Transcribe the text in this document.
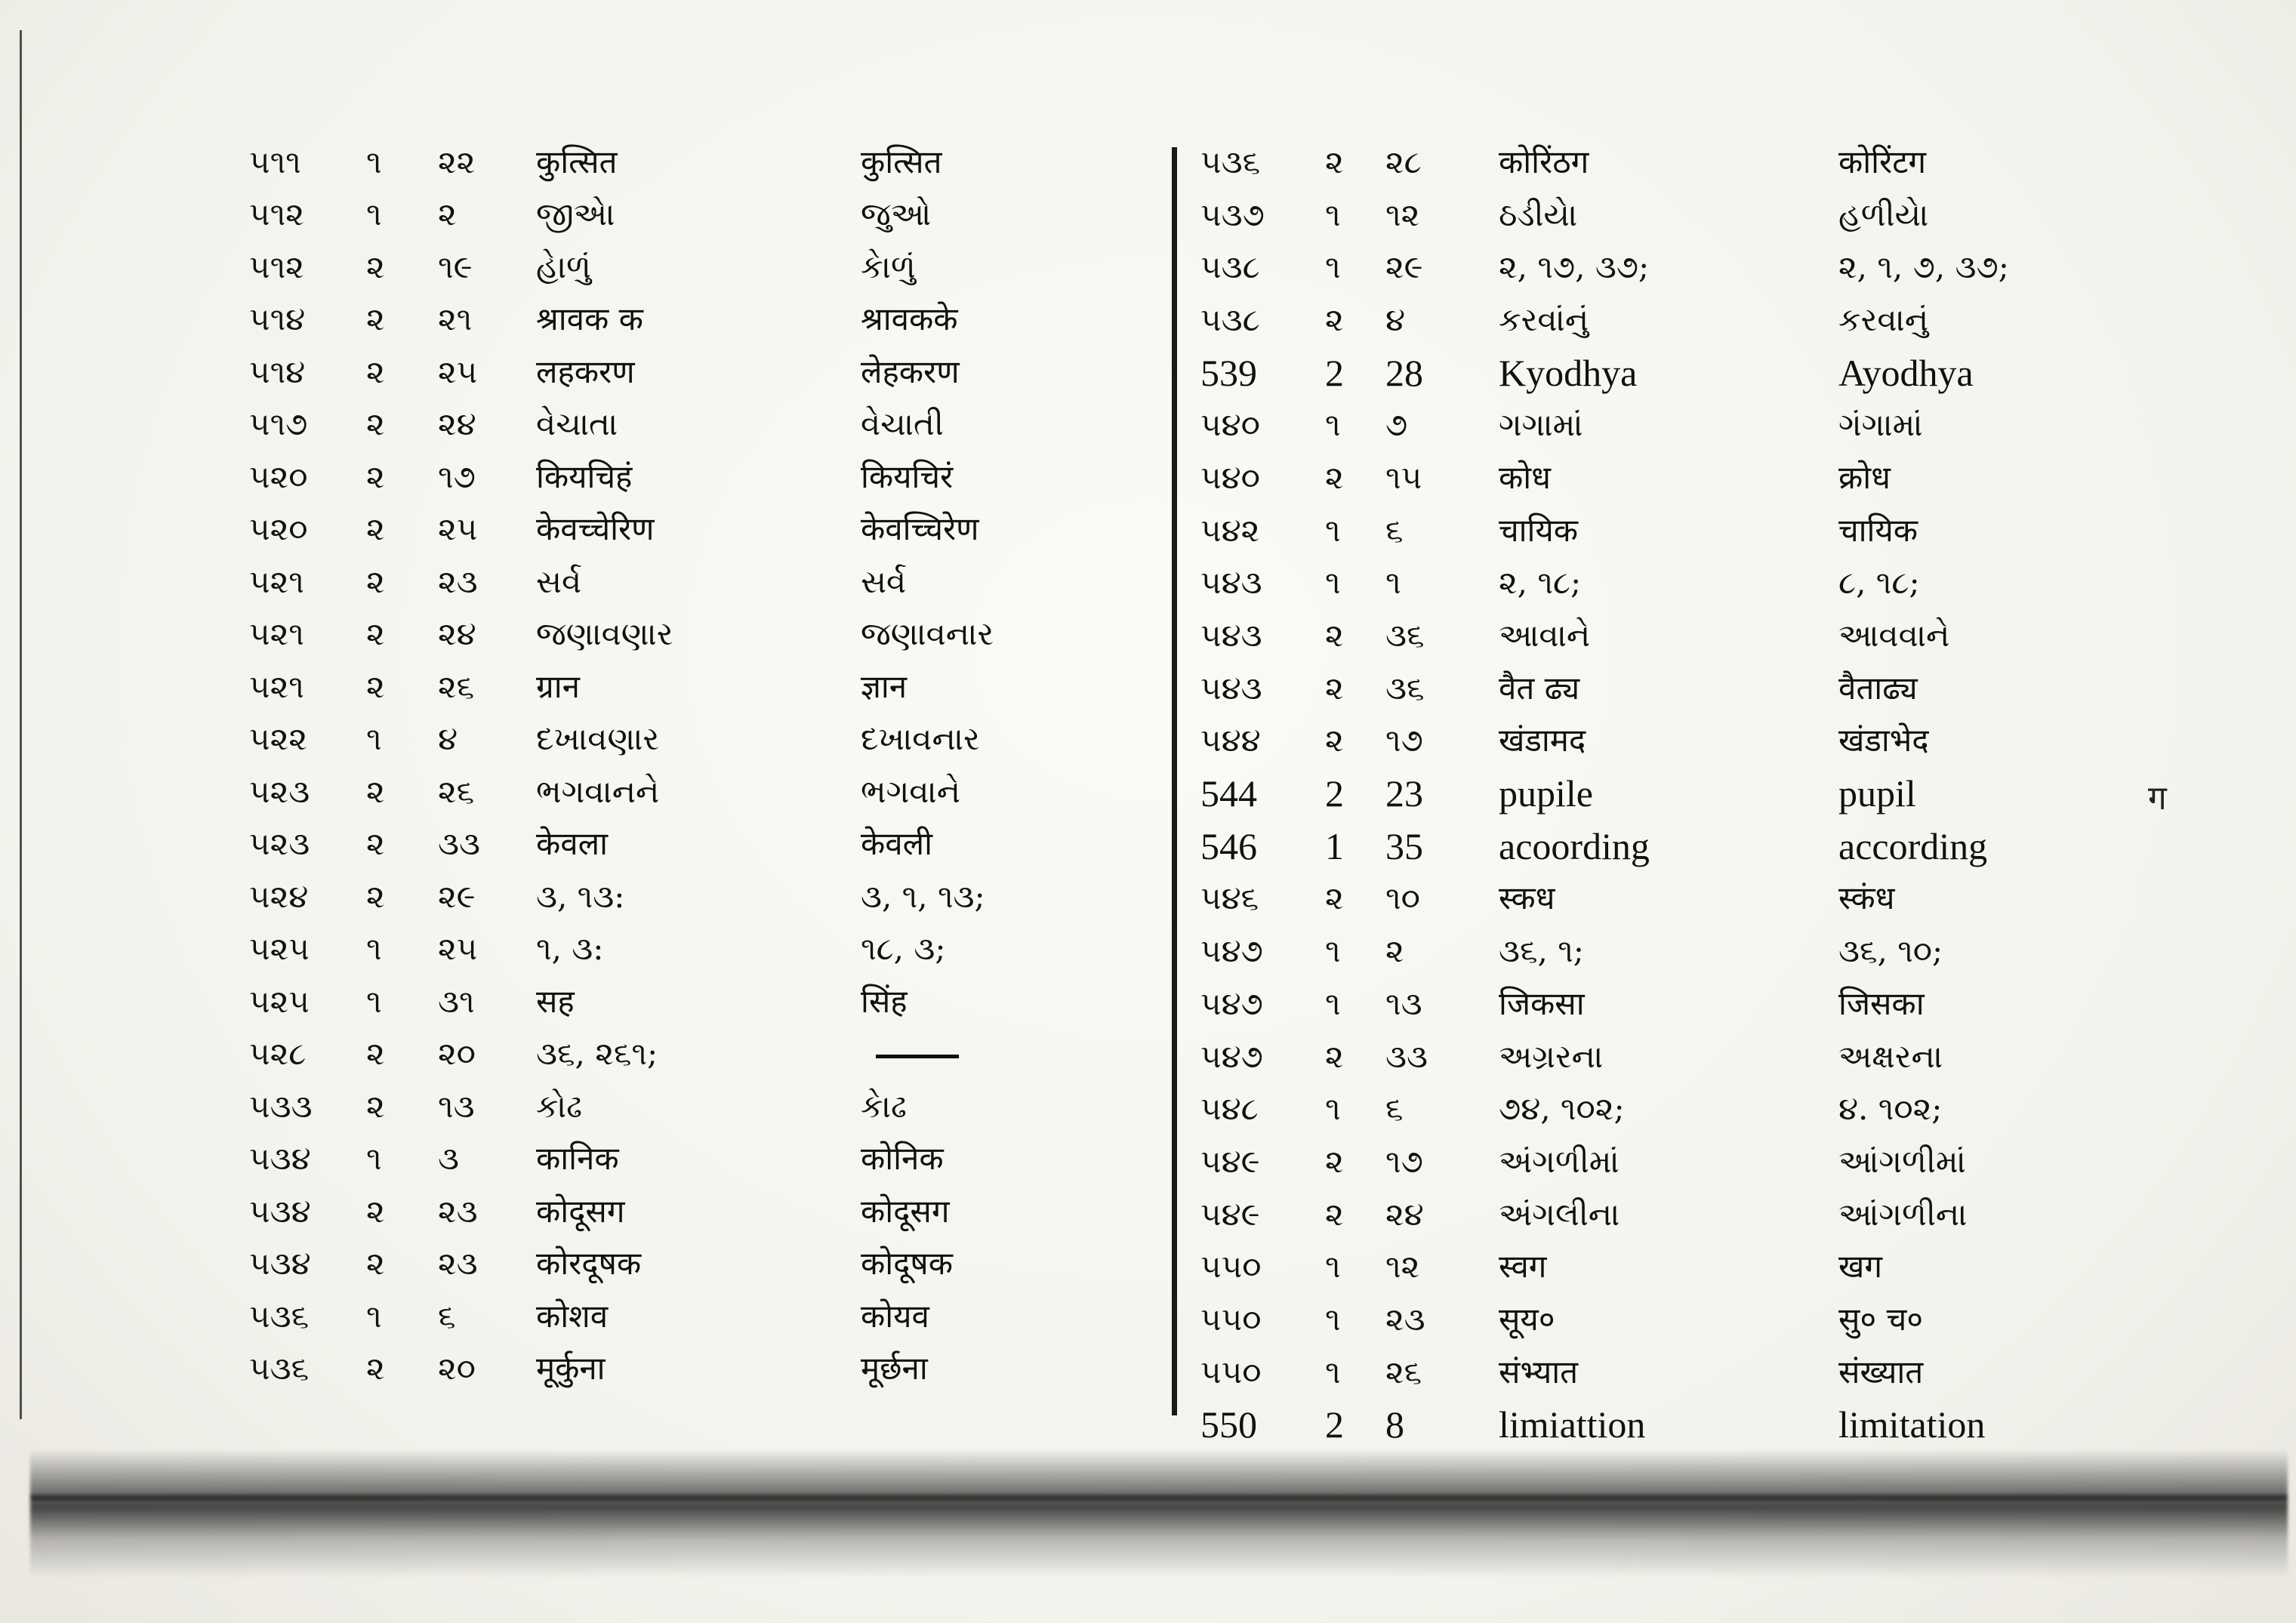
૫૧૧	૧	૨૨	कुत्सित	कुत्सित
૫૧૨	૧	૨	જીએા	જુઓ
૫૧૨	૨	૧૯	હેાળું	કેાળું
૫૧૪	૨	૨૧	श्रावक क	श्रावकके
૫૧૪	૨	૨૫	लहकरण	लेहकरण
૫૧૭	૨	૨૪	વેચાતા	વેચાતી
૫૨૦	૨	૧૭	कियचिहं	कियचिरं
૫૨૦	૨	૨૫	केवच्चेरिण	केवच्चिरेण
૫૨૧	૨	૨૩	સર્વ	સર્વ
૫૨૧	૨	૨૪	જણાવણાર	જણાવનાર
૫૨૧	૨	૨૬	ग्रान	ज्ञान
૫૨૨	૧	૪	દખાવણાર	દખાવનાર
૫૨૩	૨	૨૬	ભગવાનને	ભગવાને
૫૨૩	૨	૩૩	केवला	केवली
૫૨૪	૨	૨૯	૩, ૧૩:	૩, ૧, ૧૩;
૫૨૫	૧	૨૫	૧, ૩:	૧૮, ૩;
૫૨૫	૧	૩૧	सह	सिंह
૫૨૮	૨	૨૦	૩૬, ૨૬૧;
૫૩૩	૨	૧૩	કોઢ	કેાઢ
૫૩૪	૧	૩	कानिक	कोनिक
૫૩૪	૨	૨૩	कोदूसग	कोदूसग
૫૩૪	૨	૨૩	कोरदूषक	कोदूषक
૫૩૬	૧	૬	कोशव	कोयव
૫૩૬	૨	૨૦	मूर्कुना	मूर्छना
૫૩૬	૨	૨૮	कोरिंठग	कोरिंटग
૫૩૭	૧	૧૨	ઠડીયેા	હળીયેા
૫૩૮	૧	૨૯	૨, ૧૭, ૩૭;	૨, ૧, ૭, ૩૭;
૫૩૮	૨	૪	કરવાંનું	કરવાનું
539	2	28	Kyodhya	Ayodhya
૫૪૦	૧	૭	ગગામાં	ગંગામાં
૫૪૦	૨	૧૫	कोध	क्रोध
૫૪૨	૧	૬	चायिक	चायिक
૫૪૩	૧	૧	૨, ૧૮;	૮, ૧૮;
૫૪૩	૨	૩૬	આવાને	આવવાને
૫૪૩	૨	૩૬	वैत ढ्य	वैताढ्य
૫૪૪	૨	૧૭	खंडामद	खंडाभेद
544	2	23	pupile	pupil
546	1	35	acoording	according
૫૪૬	૨	૧૦	स्कध	स्कंध
૫૪૭	૧	૨	૩૬, ૧;	૩૬, ૧૦;
૫૪૭	૧	૧૩	जिकसा	जिसका
૫૪૭	૨	૩૩	અગ્રરના	અક્ષરના
૫૪૮	૧	૬	૭૪, ૧૦૨;	૪. ૧૦૨;
૫૪૯	૨	૧૭	અંગળીમાં	આંગળીમાં
૫૪૯	૨	૨૪	અંગલીના	આંગળીના
૫૫૦	૧	૧૨	स्वग	खग
૫૫૦	૧	૨૩	सूय०	सु० च०
૫૫૦	૧	૨૬	संभ्यात	संख्यात
550	2	8	limiattion	limitation
ग
